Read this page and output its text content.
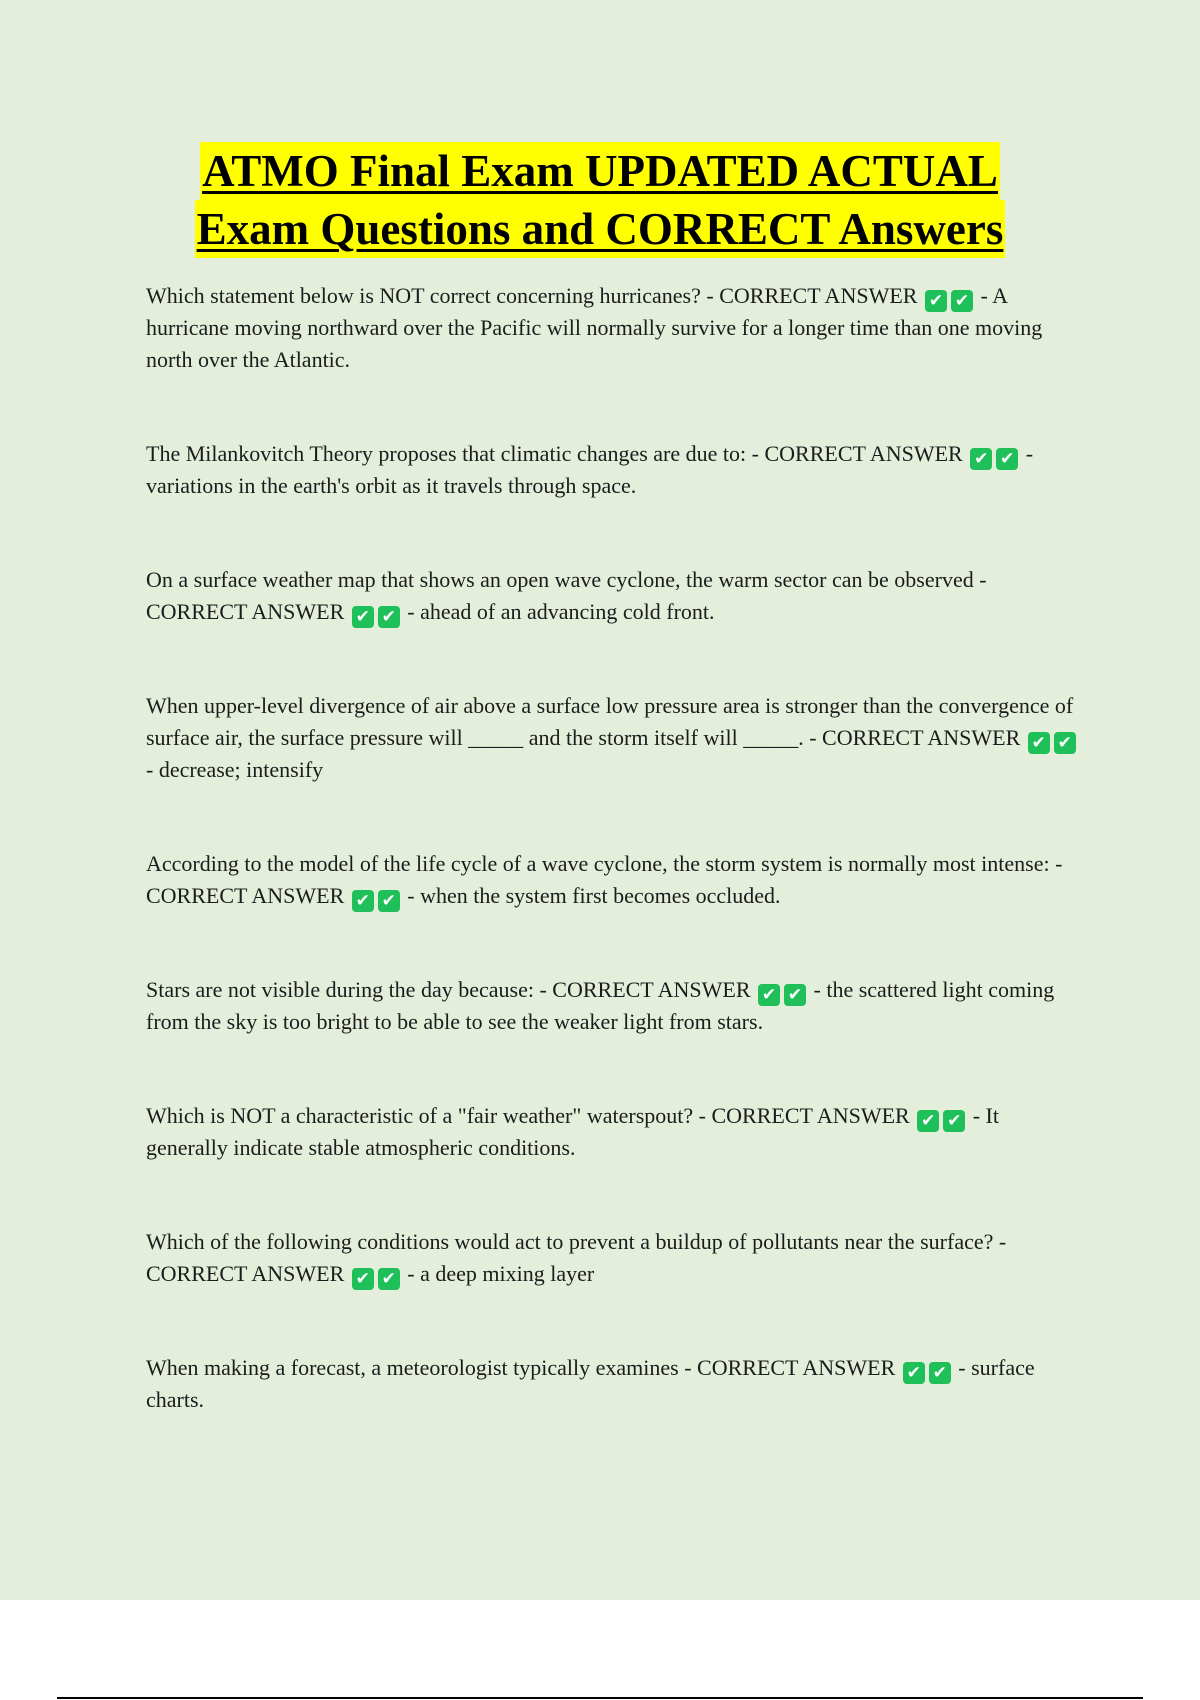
ATMO Final Exam UPDATED ACTUAL
Exam Questions and CORRECT Answers

Which statement below is NOT correct concerning hurricanes? - CORRECT ANSWER ✔ ✔ - A hurricane moving northward over the Pacific will normally survive for a longer time than one moving north over the Atlantic.

The Milankovitch Theory proposes that climatic changes are due to: - CORRECT ANSWER ✔ ✔ - variations in the earth's orbit as it travels through space.

On a surface weather map that shows an open wave cyclone, the warm sector can be observed - CORRECT ANSWER ✔ ✔ - ahead of an advancing cold front.

When upper-level divergence of air above a surface low pressure area is stronger than the convergence of surface air, the surface pressure will _____ and the storm itself will _____. - CORRECT ANSWER ✔ ✔ - decrease; intensify

According to the model of the life cycle of a wave cyclone, the storm system is normally most intense: - CORRECT ANSWER ✔ ✔ - when the system first becomes occluded.

Stars are not visible during the day because: - CORRECT ANSWER ✔ ✔ - the scattered light coming from the sky is too bright to be able to see the weaker light from stars.

Which is NOT a characteristic of a "fair weather" waterspout? - CORRECT ANSWER ✔ ✔ - It generally indicate stable atmospheric conditions.

Which of the following conditions would act to prevent a buildup of pollutants near the surface? - CORRECT ANSWER ✔ ✔ - a deep mixing layer

When making a forecast, a meteorologist typically examines - CORRECT ANSWER ✔ ✔ - surface charts.
